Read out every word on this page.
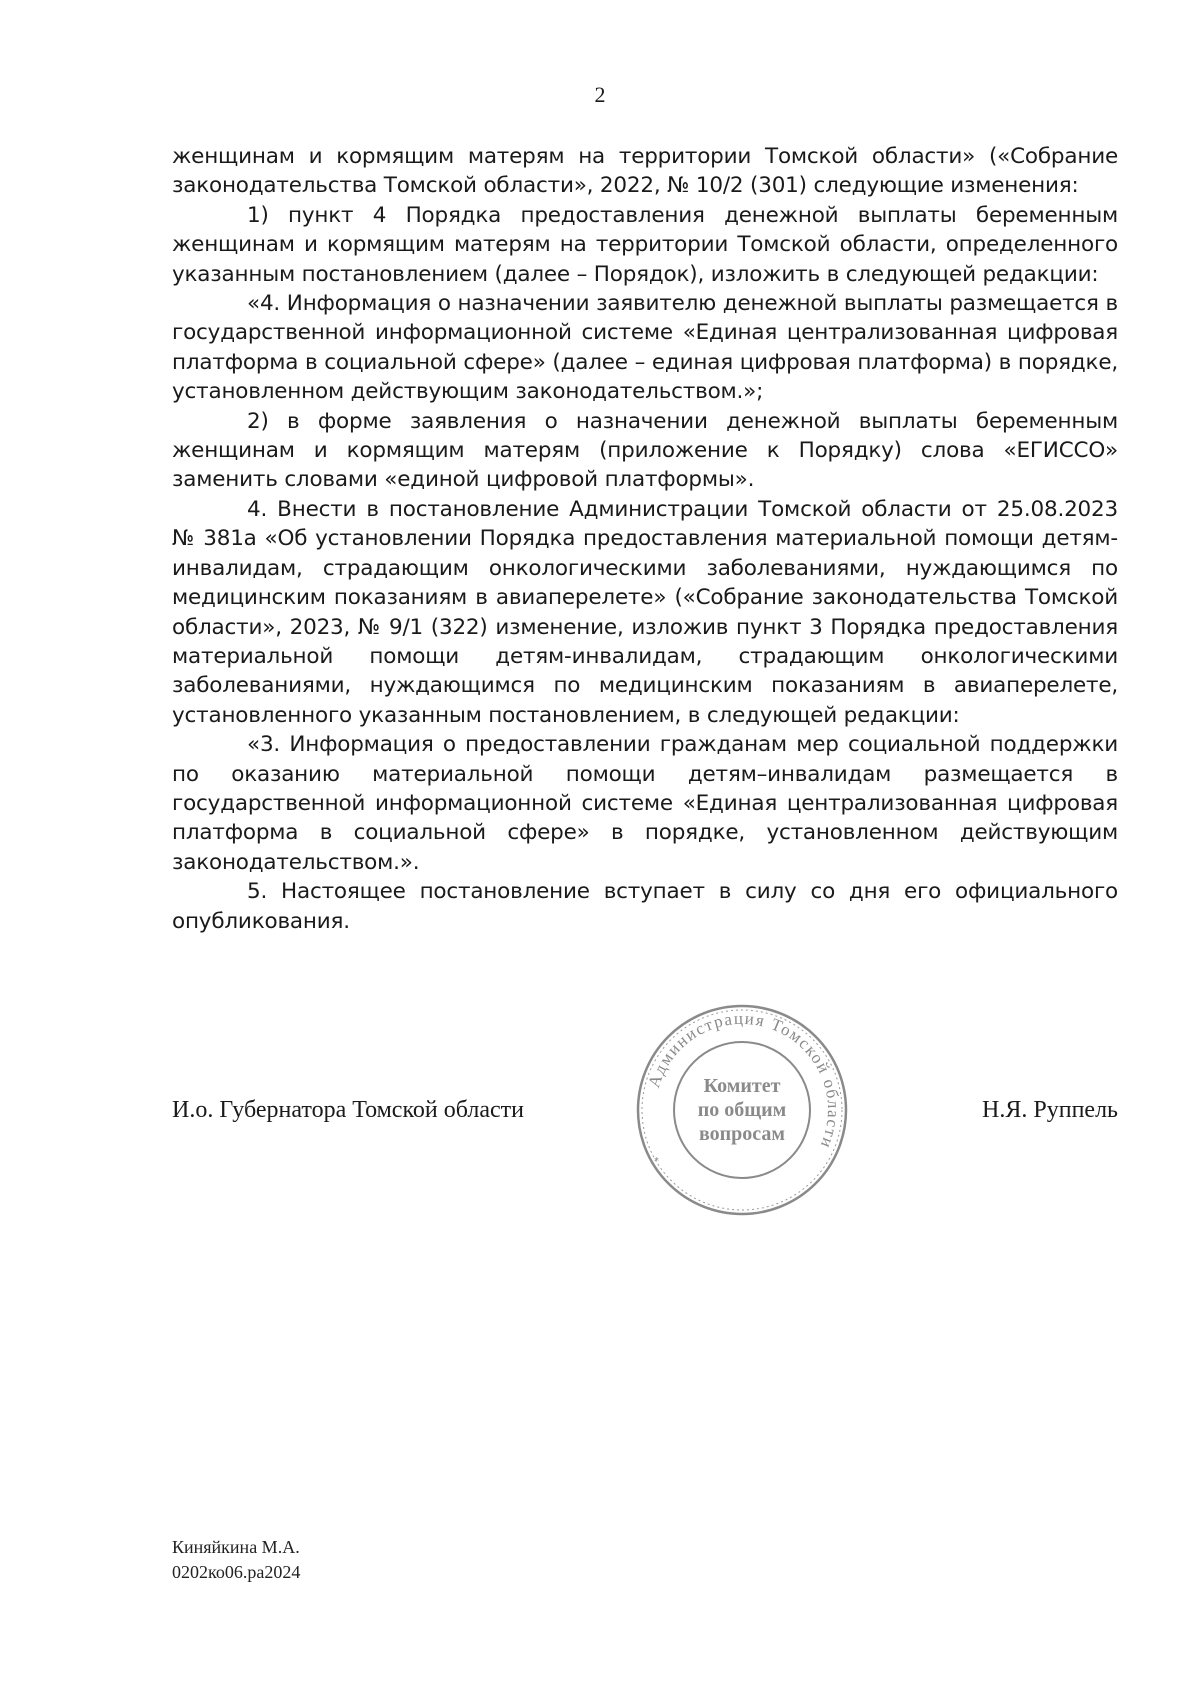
2

женщинам и кормящим матерям на территории Томской области» («Собрание законодательства Томской области», 2022, № 10/2 (301) следующие изменения:

1) пункт 4 Порядка предоставления денежной выплаты беременным женщинам и кормящим матерям на территории Томской области, определенного указанным постановлением (далее – Порядок), изложить в следующей редакции:

«4. Информация о назначении заявителю денежной выплаты размещается в государственной информационной системе «Единая централизованная цифровая платформа в социальной сфере» (далее – единая цифровая платформа) в порядке, установленном действующим законодательством.»;

2) в форме заявления о назначении денежной выплаты беременным женщинам и кормящим матерям (приложение к Порядку) слова «ЕГИССО» заменить словами «единой цифровой платформы».

4. Внести в постановление Администрации Томской области от 25.08.2023 № 381а «Об установлении Порядка предоставления материальной помощи детям-инвалидам, страдающим онкологическими заболеваниями, нуждающимся по медицинским показаниям в авиаперелете» («Собрание законодательства Томской области», 2023, № 9/1 (322) изменение, изложив пункт 3 Порядка предоставления материальной помощи детям-инвалидам, страдающим онкологическими заболеваниями, нуждающимся по медицинским показаниям в авиаперелете, установленного указанным постановлением, в следующей редакции:

«3. Информация о предоставлении гражданам мер социальной поддержки по оказанию материальной помощи детям–инвалидам размещается в государственной информационной системе «Единая централизованная цифровая платформа в социальной сфере» в порядке, установленном действующим законодательством.».

5. Настоящее постановление вступает в силу со дня его официального опубликования.

И.о. Губернатора Томской области	Н.Я. Руппель
Администрация Томской области
*
Комитет
по общим
вопросам
Киняйкина М.А.
0202ко06.ра2024
